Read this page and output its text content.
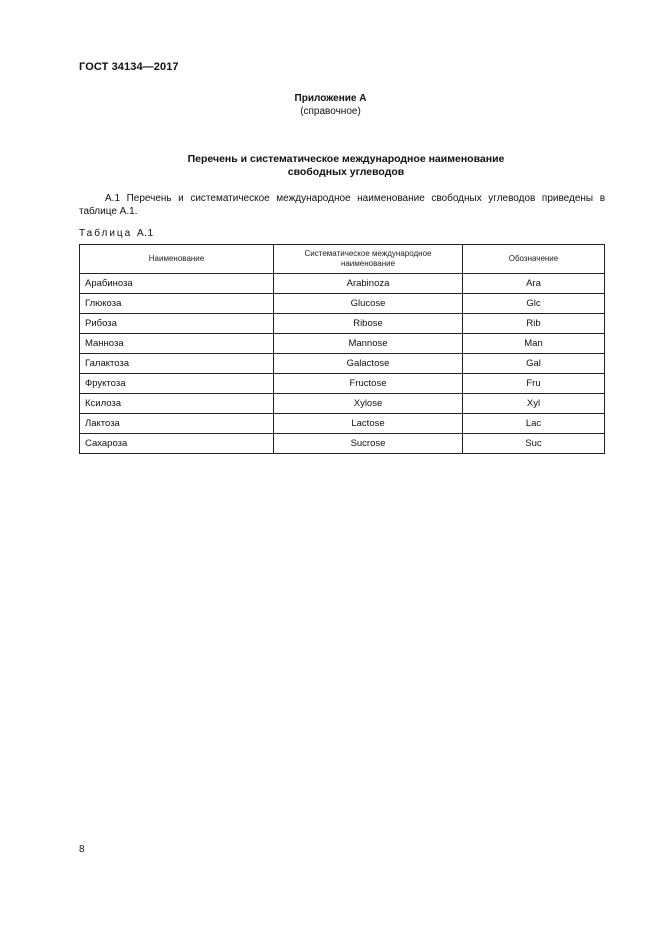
ГОСТ 34134—2017
Приложение А
(справочное)
Перечень и систематическое международное наименование
свободных углеводов
А.1 Перечень и систематическое международное наименование свободных углеводов приведены в таблице А.1.
Таблица А.1
Наименование	Систематическое международное наименование	Обозначение
Арабиноза	Arabinoza	Ara
Глюкоза	Glucose	Glc
Рибоза	Ribose	Rib
Манноза	Mannose	Man
Галактоза	Galactose	Gal
Фруктоза	Fructose	Fru
Ксилоза	Xylose	Xyl
Лактоза	Lactose	Lac
Сахароза	Sucrose	Suc
8
